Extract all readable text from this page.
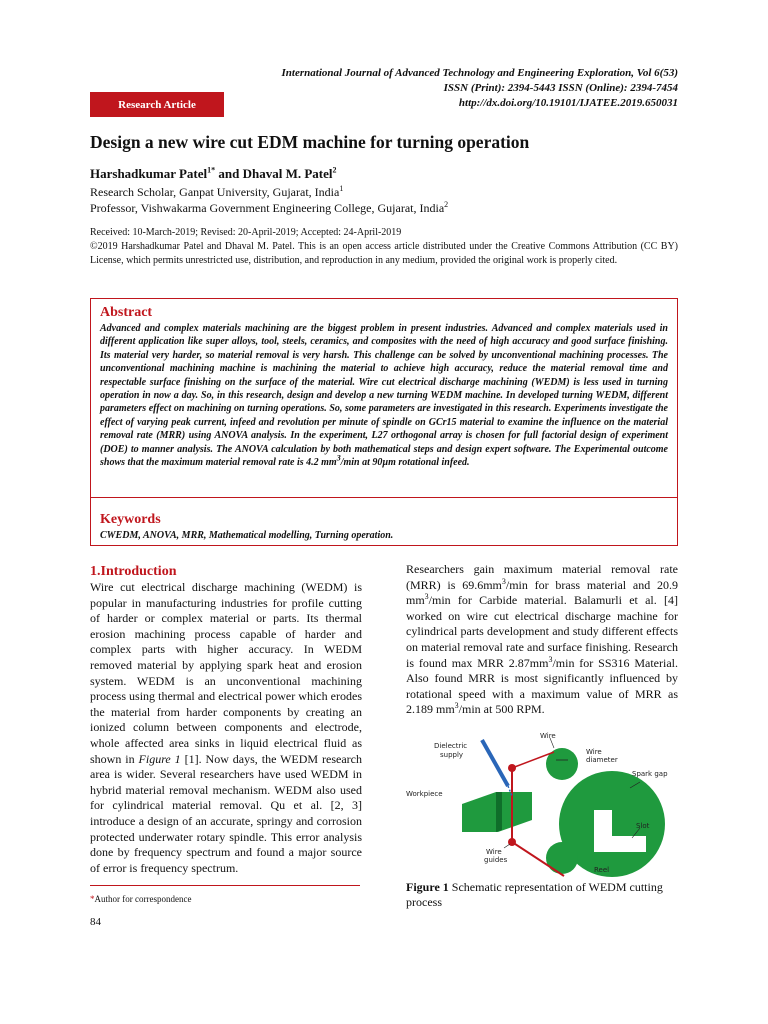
International Journal of Advanced Technology and Engineering Exploration, Vol 6(53)
ISSN (Print): 2394-5443 ISSN (Online): 2394-7454
http://dx.doi.org/10.19101/IJATEE.2019.650031
Research Article
Design a new wire cut EDM machine for turning operation
Harshadkumar Patel$^{1*}$ and Dhaval M. Patel$^2$
Research Scholar, Ganpat University, Gujarat, India$^1$
Professor, Vishwakarma Government Engineering College, Gujarat, India$^2$
Received: 10-March-2019; Revised: 20-April-2019; Accepted: 24-April-2019
©2019 Harshadkumar Patel and Dhaval M. Patel. This is an open access article distributed under the Creative Commons Attribution (CC BY) License, which permits unrestricted use, distribution, and reproduction in any medium, provided the original work is properly cited.
Abstract
Advanced and complex materials machining are the biggest problem in present industries. Advanced and complex materials used in different application like super alloys, tool, steels, ceramics, and composites with the need of high accuracy and good surface finishing. Its material very harder, so material removal is very harsh. This challenge can be solved by unconventional machining processes. The unconventional machining machine is machining the material to achieve high accuracy, reduce the material removal time and respectable surface finishing on the surface of the material. Wire cut electrical discharge machining (WEDM) is less used in turning operation in now a day. So, in this research, design and develop a new turning WEDM machine. In developed turning WEDM, different parameters effect on machining on turning operations. So, some parameters are investigated in this research. Experiments investigate the effect of varying peak current, infeed and revolution per minute of spindle on GCr15 material to examine the influence on the material removal rate (MRR) using ANOVA analysis. In the experiment, L27 orthogonal array is chosen for full factorial design of experiment (DOE) to manner analysis. The ANOVA calculation by both mathematical steps and design expert software. The Experimental outcome shows that the maximum material removal rate is 4.2 $mm^3/\min$ at 90µm rotational infeed.
Keywords
CWEDM, ANOVA, MRR, Mathematical modelling, Turning operation.
1.Introduction
Wire cut electrical discharge machining (WEDM) is popular in manufacturing industries for profile cutting of harder or complex material or parts. Its thermal erosion machining process capable of harder and complex parts with higher accuracy. In WEDM removed material by applying spark heat and erosion system. WEDM is an unconventional machining process using thermal and electrical power which erodes the material from harder components by creating an ionized column between components and electrode, whole affected area sinks in liquid electrical fluid as shown in Figure 1 [1]. Now days, the WEDM research area is wider. Several researchers have used WEDM in hybrid material removal mechanism. WEDM also used for cylindrical material removal. Qu et al. [2, 3] introduce a design of an accurate, springy and corrosion protected underwater rotary spindle. This error analysis done by frequency spectrum and found a major source of error is frequency spectrum.
*Author for correspondence
84
Researchers gain maximum material removal rate (MRR) is $69.6mm^3/\min$ for brass material and 20.9 $mm^3/\min$ for Carbide material. Balamurli et al. [4] worked on wire cut electrical discharge machine for cylindrical parts development and study different effects on material removal rate and surface finishing. Research is found max MRR $2.87mm^3/\min$ for SS316 Material. Also found MRR is most significantly influenced by rotational speed with a maximum value of MRR as 2.189 $mm^3/\min$ at 500 RPM.
Wire
Dielectric
supply	Wire
diameter
Spark gap
Workpiece
Slot
Wire
guides
Reel
Figure 1 Schematic representation of WEDM cutting process
